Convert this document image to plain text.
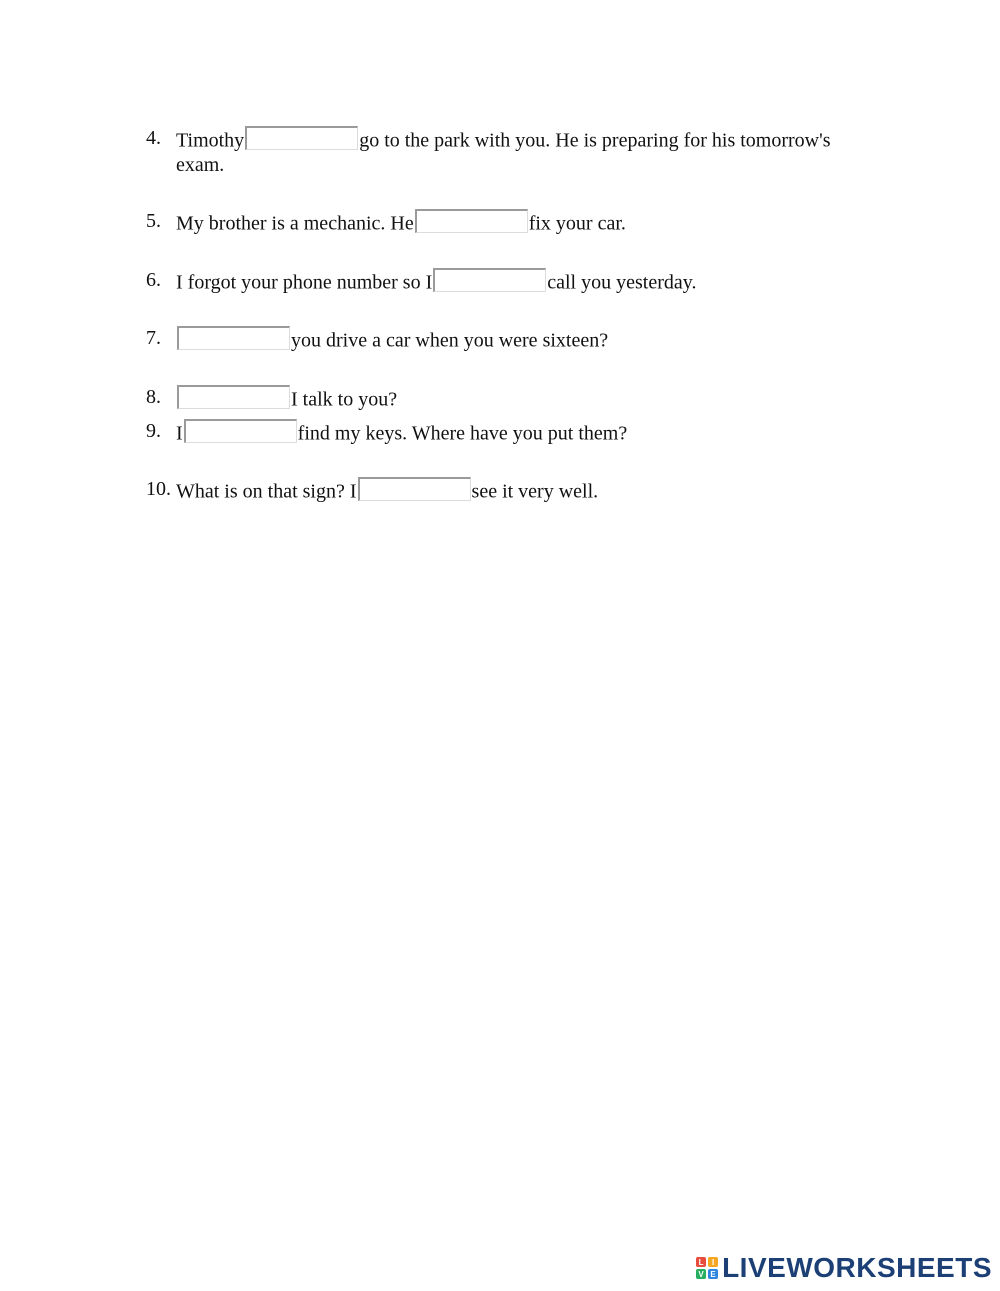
4. Timothy	go to the park with you. He is preparing for his tomorrow's exam.
5. My brother is a mechanic. He	fix your car.
6. I forgot your phone number so I	call you yesterday.
7.	you drive a car when you were sixteen?
8.	I talk to you?
9. I	find my keys. Where have you put them?
10. What is on that sign? I	see it very well.
L	I
V E LIVEWORKSHEETS
